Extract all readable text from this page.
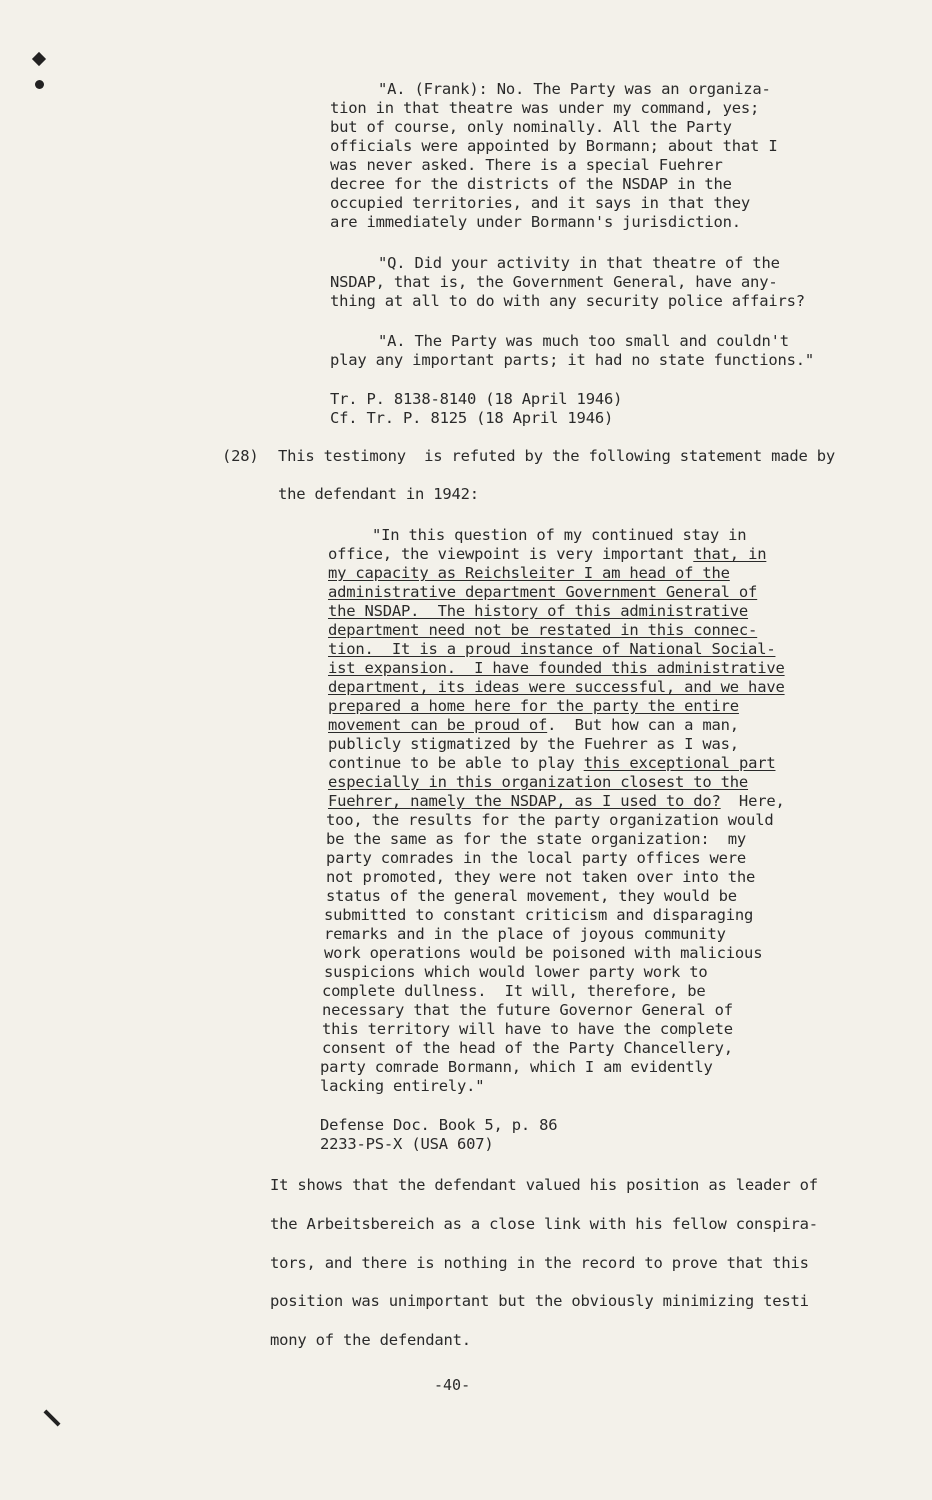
"A. (Frank): No. The Party was an organiza-
tion in that theatre was under my command, yes;
but of course, only nominally. All the Party
officials were appointed by Bormann; about that I
was never asked. There is a special Fuehrer
decree for the districts of the NSDAP in the
occupied territories, and it says in that they
are immediately under Bormann's jurisdiction.
"Q. Did your activity in that theatre of the
NSDAP, that is, the Government General, have any-
thing at all to do with any security police affairs?
"A. The Party was much too small and couldn't
play any important parts; it had no state functions."
Tr. P. 8138-8140 (18 April 1946)
Cf. Tr. P. 8125 (18 April 1946)
(28) This testimony  is refuted by the following statement made by
the defendant in 1942:
"In this question of my continued stay in
office, the viewpoint is very important that, in
my capacity as Reichsleiter I am head of the
administrative department Government General of
the NSDAP.  The history of this administrative
department need not be restated in this connec-
tion.  It is a proud instance of National Social-
ist expansion.  I have founded this administrative
department, its ideas were successful, and we have
prepared a home here for the party the entire
movement can be proud of.  But how can a man,
publicly stigmatized by the Fuehrer as I was,
continue to be able to play this exceptional part
especially in this organization closest to the
Fuehrer, namely the NSDAP, as I used to do?  Here,
too, the results for the party organization would
be the same as for the state organization:  my
party comrades in the local party offices were
not promoted, they were not taken over into the
status of the general movement, they would be
submitted to constant criticism and disparaging
remarks and in the place of joyous community
work operations would be poisoned with malicious
suspicions which would lower party work to
complete dullness.  It will, therefore, be
necessary that the future Governor General of
this territory will have to have the complete
consent of the head of the Party Chancellery,
party comrade Bormann, which I am evidently
lacking entirely."
Defense Doc. Book 5, p. 86
2233-PS-X (USA 607)
It shows that the defendant valued his position as leader of
the Arbeitsbereich as a close link with his fellow conspira-
tors, and there is nothing in the record to prove that this
position was unimportant but the obviously minimizing testi
mony of the defendant.
-40-
